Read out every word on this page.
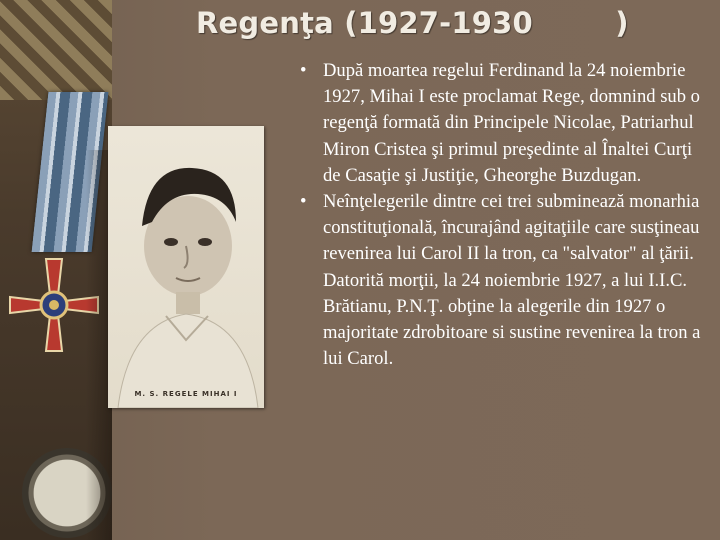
M. S. REGELE MIHAI I
Regenţa (1927-1930        )
• După moartea regelui Ferdinand la 24 noiembrie 1927, Mihai I este proclamat Rege, domnind sub o regenţă formată din Principele Nicolae, Patriarhul Miron Cristea şi primul preşedinte al Înaltei Curţi de Casaţie şi Justiţie, Gheorghe Buzdugan.
• Neînţelegerile dintre cei trei subminează monarhia constituţională, încurajând agitaţiile care susţineau revenirea lui Carol II la tron, ca "salvator" al ţării. Datorită morţii, la 24 noiembrie 1927, a lui I.I.C. Brătianu, P.N.Ţ. obţine la alegerile din 1927 o majoritate zdrobitoare si sustine revenirea la tron a lui Carol.
